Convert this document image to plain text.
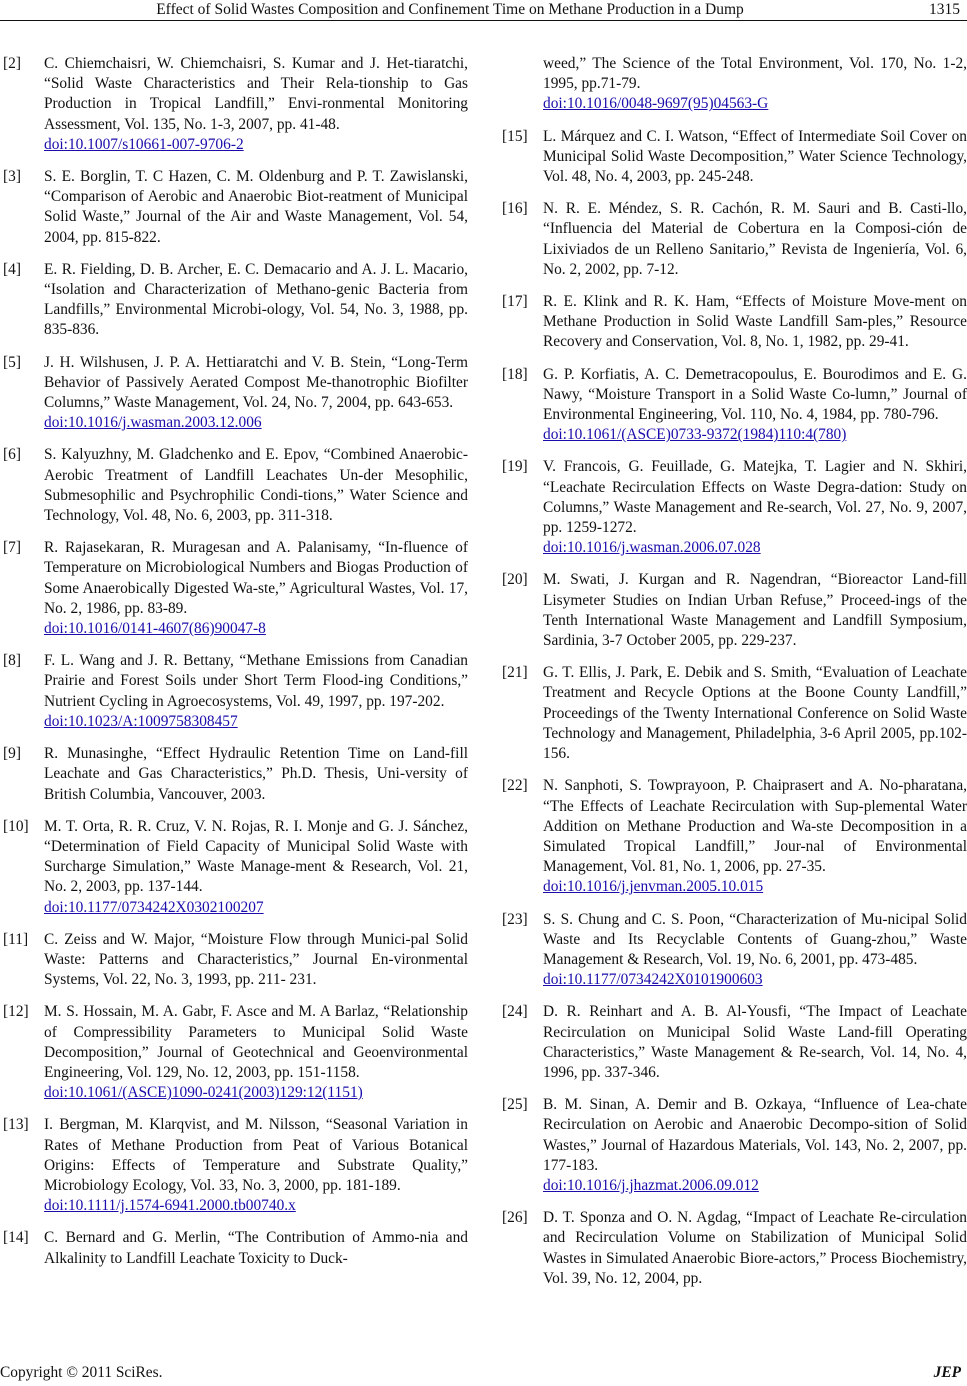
Effect of Solid Wastes Composition and Confinement Time on Methane Production in a Dump	1315
[2] C. Chiemchaisri, W. Chiemchaisri, S. Kumar and J. Het-tiaratchi, “Solid Waste Characteristics and Their Rela-tionship to Gas Production in Tropical Landfill,” Envi-ronmental Monitoring Assessment, Vol. 135, No. 1-3, 2007, pp. 41-48.
doi:10.1007/s10661-007-9706-2
[3] S. E. Borglin, T. C Hazen, C. M. Oldenburg and P. T. Zawislanski, “Comparison of Aerobic and Anaerobic Biot-reatment of Municipal Solid Waste,” Journal of the Air and Waste Management, Vol. 54, 2004, pp. 815-822.
[4] E. R. Fielding, D. B. Archer, E. C. Demacario and A. J. L. Macario, “Isolation and Characterization of Methano-genic Bacteria from Landfills,” Environmental Microbi-ology, Vol. 54, No. 3, 1988, pp. 835-836.
[5] J. H. Wilshusen, J. P. A. Hettiaratchi and V. B. Stein, “Long-Term Behavior of Passively Aerated Compost Me-thanotrophic Biofilter Columns,” Waste Management, Vol. 24, No. 7, 2004, pp. 643-653.
doi:10.1016/j.wasman.2003.12.006
[6] S. Kalyuzhny, M. Gladchenko and E. Epov, “Combined Anaerobic-Aerobic Treatment of Landfill Leachates Un-der Mesophilic, Submesophilic and Psychrophilic Condi-tions,” Water Science and Technology, Vol. 48, No. 6, 2003, pp. 311-318.
[7] R. Rajasekaran, R. Muragesan and A. Palanisamy, “In-fluence of Temperature on Microbiological Numbers and Biogas Production of Some Anaerobically Digested Wa-ste,” Agricultural Wastes, Vol. 17, No. 2, 1986, pp. 83-89.
doi:10.1016/0141-4607(86)90047-8
[8] F. L. Wang and J. R. Bettany, “Methane Emissions from Canadian Prairie and Forest Soils under Short Term Flood-ing Conditions,” Nutrient Cycling in Agroecosystems, Vol. 49, 1997, pp. 197-202.
doi:10.1023/A:1009758308457
[9] R. Munasinghe, “Effect Hydraulic Retention Time on Land-fill Leachate and Gas Characteristics,” Ph.D. Thesis, Uni-versity of British Columbia, Vancouver, 2003.
[10] M. T. Orta, R. R. Cruz, V. N. Rojas, R. I. Monje and G. J. Sánchez, “Determination of Field Capacity of Municipal Solid Waste with Surcharge Simulation,” Waste Manage-ment & Research, Vol. 21, No. 2, 2003, pp. 137-144.
doi:10.1177/0734242X0302100207
[11] C. Zeiss and W. Major, “Moisture Flow through Munici-pal Solid Waste: Patterns and Characteristics,” Journal En-vironmental Systems, Vol. 22, No. 3, 1993, pp. 211- 231.
[12] M. S. Hossain, M. A. Gabr, F. Asce and M. A Barlaz, “Relationship of Compressibility Parameters to Municipal Solid Waste Decomposition,” Journal of Geotechnical and Geoenvironmental Engineering, Vol. 129, No. 12, 2003, pp. 151-1158.
doi:10.1061/(ASCE)1090-0241(2003)129:12(1151)
[13] I. Bergman, M. Klarqvist, and M. Nilsson, “Seasonal Variation in Rates of Methane Production from Peat of Various Botanical Origins: Effects of Temperature and Substrate Quality,” Microbiology Ecology, Vol. 33, No. 3, 2000, pp. 181-189.
doi:10.1111/j.1574-6941.2000.tb00740.x
[14] C. Bernard and G. Merlin, “The Contribution of Ammo-nia and Alkalinity to Landfill Leachate Toxicity to Duck-
weed,” The Science of the Total Environment, Vol. 170, No. 1-2, 1995, pp.71-79.
doi:10.1016/0048-9697(95)04563-G
[15] L. Márquez and C. I. Watson, “Effect of Intermediate Soil Cover on Municipal Solid Waste Decomposition,” Water Science Technology, Vol. 48, No. 4, 2003, pp. 245-248.
[16] N. R. E. Méndez, S. R. Cachón, R. M. Sauri and B. Casti-llo, “Influencia del Material de Cobertura en la Composi-ción de Lixiviados de un Relleno Sanitario,” Revista de Ingeniería, Vol. 6, No. 2, 2002, pp. 7-12.
[17] R. E. Klink and R. K. Ham, “Effects of Moisture Move-ment on Methane Production in Solid Waste Landfill Sam-ples,” Resource Recovery and Conservation, Vol. 8, No. 1, 1982, pp. 29-41.
[18] G. P. Korfiatis, A. C. Demetracopoulus, E. Bourodimos and E. G. Nawy, “Moisture Transport in a Solid Waste Co-lumn,” Journal of Environmental Engineering, Vol. 110, No. 4, 1984, pp. 780-796.
doi:10.1061/(ASCE)0733-9372(1984)110:4(780)
[19] V. Francois, G. Feuillade, G. Matejka, T. Lagier and N. Skhiri, “Leachate Recirculation Effects on Waste Degra-dation: Study on Columns,” Waste Management and Re-search, Vol. 27, No. 9, 2007, pp. 1259-1272.
doi:10.1016/j.wasman.2006.07.028
[20] M. Swati, J. Kurgan and R. Nagendran, “Bioreactor Land-fill Lisymeter Studies on Indian Urban Refuse,” Proceed-ings of the Tenth International Waste Management and Landfill Symposium, Sardinia, 3-7 October 2005, pp. 229-237.
[21] G. T. Ellis, J. Park, E. Debik and S. Smith, “Evaluation of Leachate Treatment and Recycle Options at the Boone County Landfill,” Proceedings of the Twenty International Conference on Solid Waste Technology and Management, Philadelphia, 3-6 April 2005, pp.102-156.
[22] N. Sanphoti, S. Towprayoon, P. Chaiprasert and A. No-pharatana, “The Effects of Leachate Recirculation with Sup-plemental Water Addition on Methane Production and Wa-ste Decomposition in a Simulated Tropical Landfill,” Jour-nal of Environmental Management, Vol. 81, No. 1, 2006, pp. 27-35.
doi:10.1016/j.jenvman.2005.10.015
[23] S. S. Chung and C. S. Poon, “Characterization of Mu-nicipal Solid Waste and Its Recyclable Contents of Guang-zhou,” Waste Management & Research, Vol. 19, No. 6, 2001, pp. 473-485.
doi:10.1177/0734242X0101900603
[24] D. R. Reinhart and A. B. Al-Yousfi, “The Impact of Leachate Recirculation on Municipal Solid Waste Land-fill Operating Characteristics,” Waste Management & Re-search, Vol. 14, No. 4, 1996, pp. 337-346.
[25] B. M. Sinan, A. Demir and B. Ozkaya, “Influence of Lea-chate Recirculation on Aerobic and Anaerobic Decompo-sition of Solid Wastes,” Journal of Hazardous Materials, Vol. 143, No. 2, 2007, pp. 177-183.
doi:10.1016/j.jhazmat.2006.09.012
[26] D. T. Sponza and O. N. Agdag, “Impact of Leachate Re-circulation and Recirculation Volume on Stabilization of Municipal Solid Wastes in Simulated Anaerobic Biore-actors,” Process Biochemistry, Vol. 39, No. 12, 2004, pp.
Copyright © 2011 SciRes.	JEP
